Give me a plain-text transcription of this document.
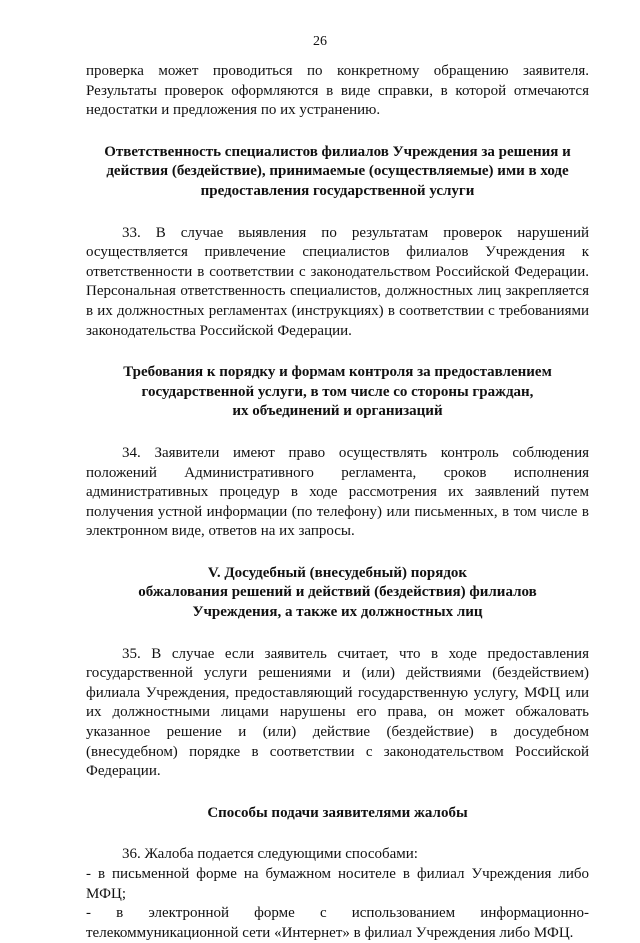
26

проверка может проводиться по конкретному обращению заявителя. Результаты проверок оформляются в виде справки, в которой отмечаются недостатки и предложения по их устранению.

Ответственность специалистов филиалов Учреждения за решения и
действия (бездействие), принимаемые (осуществляемые) ими в ходе
предоставления государственной услуги

33. В случае выявления по результатам проверок нарушений осуществляется привлечение специалистов филиалов Учреждения к ответственности в соответствии с законодательством Российской Федерации. Персональная ответственность специалистов, должностных лиц закрепляется в их должностных регламентах (инструкциях) в соответствии с требованиями законодательства Российской Федерации.

Требования к порядку и формам контроля за предоставлением
государственной услуги, в том числе со стороны граждан,
их объединений и организаций

34. Заявители имеют право осуществлять контроль соблюдения положений Административного регламента, сроков исполнения административных процедур в ходе рассмотрения их заявлений путем получения устной информации (по телефону) или письменных, в том числе в электронном виде, ответов на их запросы.

V. Досудебный (внесудебный) порядок
обжалования решений и действий (бездействия) филиалов
Учреждения, а также их должностных лиц

35. В случае если заявитель считает, что в ходе предоставления государственной услуги решениями и (или) действиями (бездействием) филиала Учреждения, предоставляющий государственную услугу, МФЦ или их должностными лицами нарушены его права, он может обжаловать указанное решение и (или) действие (бездействие) в досудебном (внесудебном) порядке в соответствии с законодательством Российской Федерации.

Способы подачи заявителями жалобы

36. Жалоба подается следующими способами:

- в письменной форме на бумажном носителе в филиал Учреждения либо МФЦ;

- в электронной форме с использованием информационно-телекоммуникационной сети «Интернет» в филиал Учреждения либо МФЦ.
